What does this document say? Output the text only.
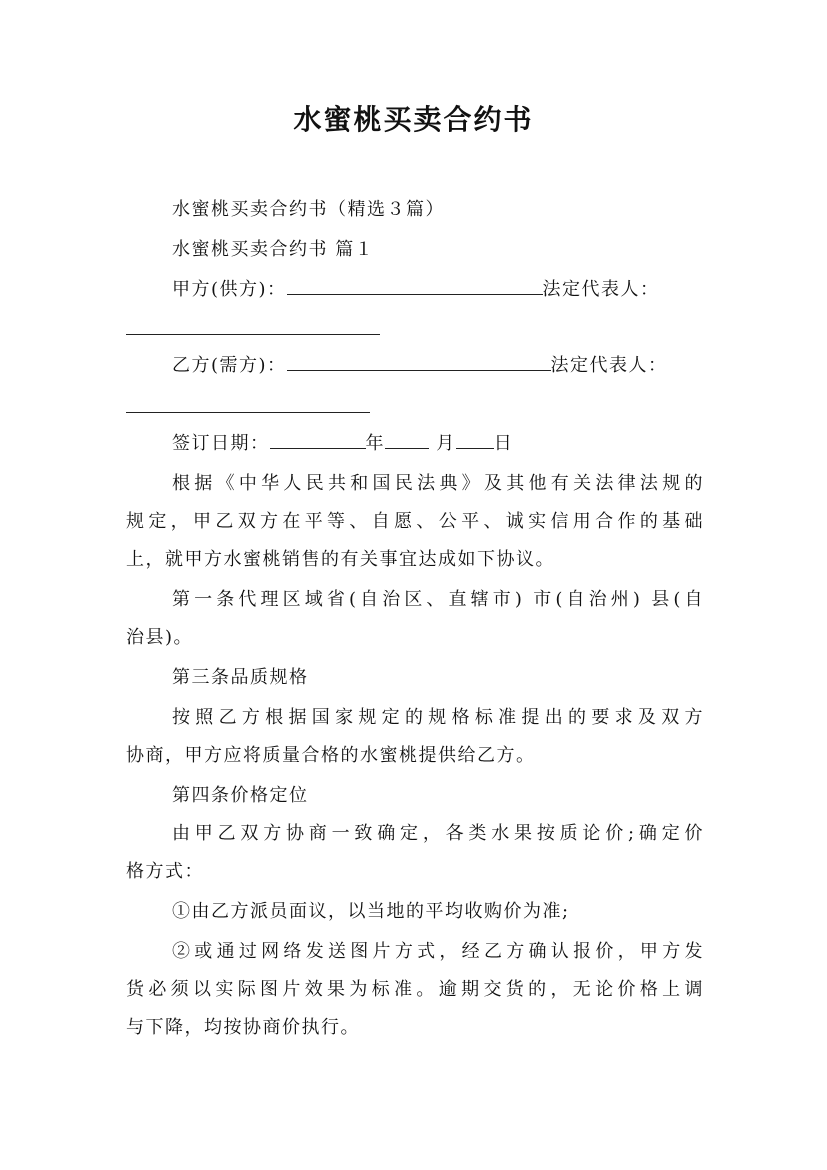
水蜜桃买卖合约书
水蜜桃买卖合约书（精选３篇）
水蜜桃买卖合约书 篇１
甲方(供方)：	法定代表人：
乙方(需方)：	法定代表人：
签订日期：	年	月 日
根据《中华人民共和国民法典》及其他有关法律法规的
规定，甲乙双方在平等、自愿、公平、诚实信用合作的基础
上，就甲方水蜜桃销售的有关事宜达成如下协议。
第一条代理区域省(自治区、直辖市) 市(自治州) 县(自
治县)。
第三条品质规格
按照乙方根据国家规定的规格标准提出的要求及双方
协商，甲方应将质量合格的水蜜桃提供给乙方。
第四条价格定位
由甲乙双方协商一致确定，各类水果按质论价;确定价
格方式：
①由乙方派员面议，以当地的平均收购价为准;
②或通过网络发送图片方式，经乙方确认报价，甲方发
货必须以实际图片效果为标准。逾期交货的，无论价格上调
与下降，均按协商价执行。
